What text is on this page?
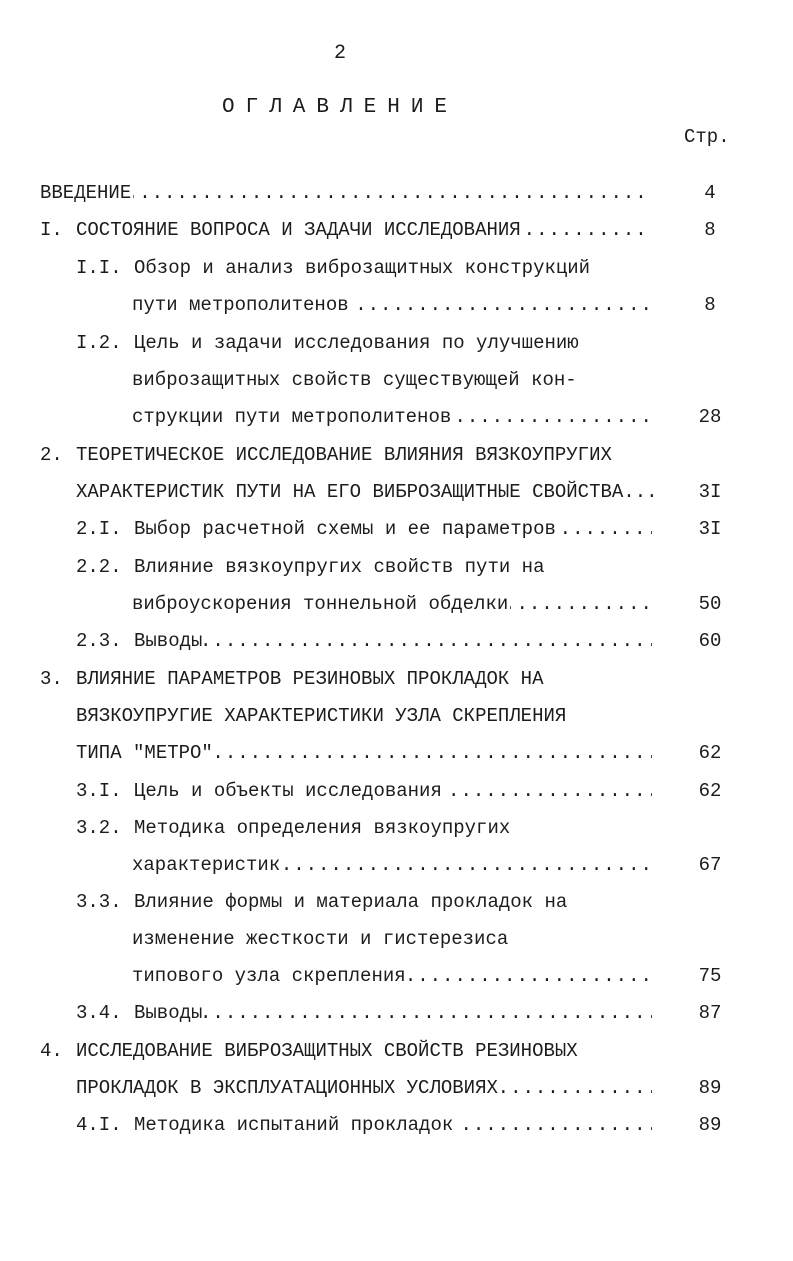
2
ОГЛАВЛЕНИЕ
Стр.
..... ВВЕДЕНИЕ	4
..... I. СОСТОЯНИЕ ВОПРОСА И ЗАДАЧИ ИССЛЕДОВАНИЯ	8
I.I. Обзор и анализ виброзащитных конструкций
..... пути метрополитенов	8
I.2. Цель и задачи исследования по улучшению
виброзащитных свойств существующей кон-
..... струкции пути метрополитенов	28
2. ТЕОРЕТИЧЕСКОЕ ИССЛЕДОВАНИЕ ВЛИЯНИЯ ВЯЗКОУПРУГИХ
ХАРАКТЕРИСТИК ПУТИ НА ЕГО ВИБРОЗАЩИТНЫЕ СВОЙСТВА...	3I
..... 2.I. Выбор расчетной схемы и ее параметров	3I
2.2. Влияние вязкоупругих свойств пути на
..... виброускорения тоннельной обделки	50
..... 2.3. Выводы	60
3. ВЛИЯНИЕ ПАРАМЕТРОВ РЕЗИНОВЫХ ПРОКЛАДОК НА
ВЯЗКОУПРУГИЕ ХАРАКТЕРИСТИКИ УЗЛА СКРЕПЛЕНИЯ
..... ТИПА "МЕТРО"	62
..... 3.I. Цель и объекты исследования	62
3.2. Методика определения вязкоупругих
..... характеристик	67
3.3. Влияние формы и материала прокладок на
изменение жесткости и гистерезиса
..... типового узла скрепления	75
..... 3.4. Выводы	87
4. ИССЛЕДОВАНИЕ ВИБРОЗАЩИТНЫХ СВОЙСТВ РЕЗИНОВЫХ
..... ПРОКЛАДОК В ЭКСПЛУАТАЦИОННЫХ УСЛОВИЯХ	89
..... 4.I. Методика испытаний прокладок	89
